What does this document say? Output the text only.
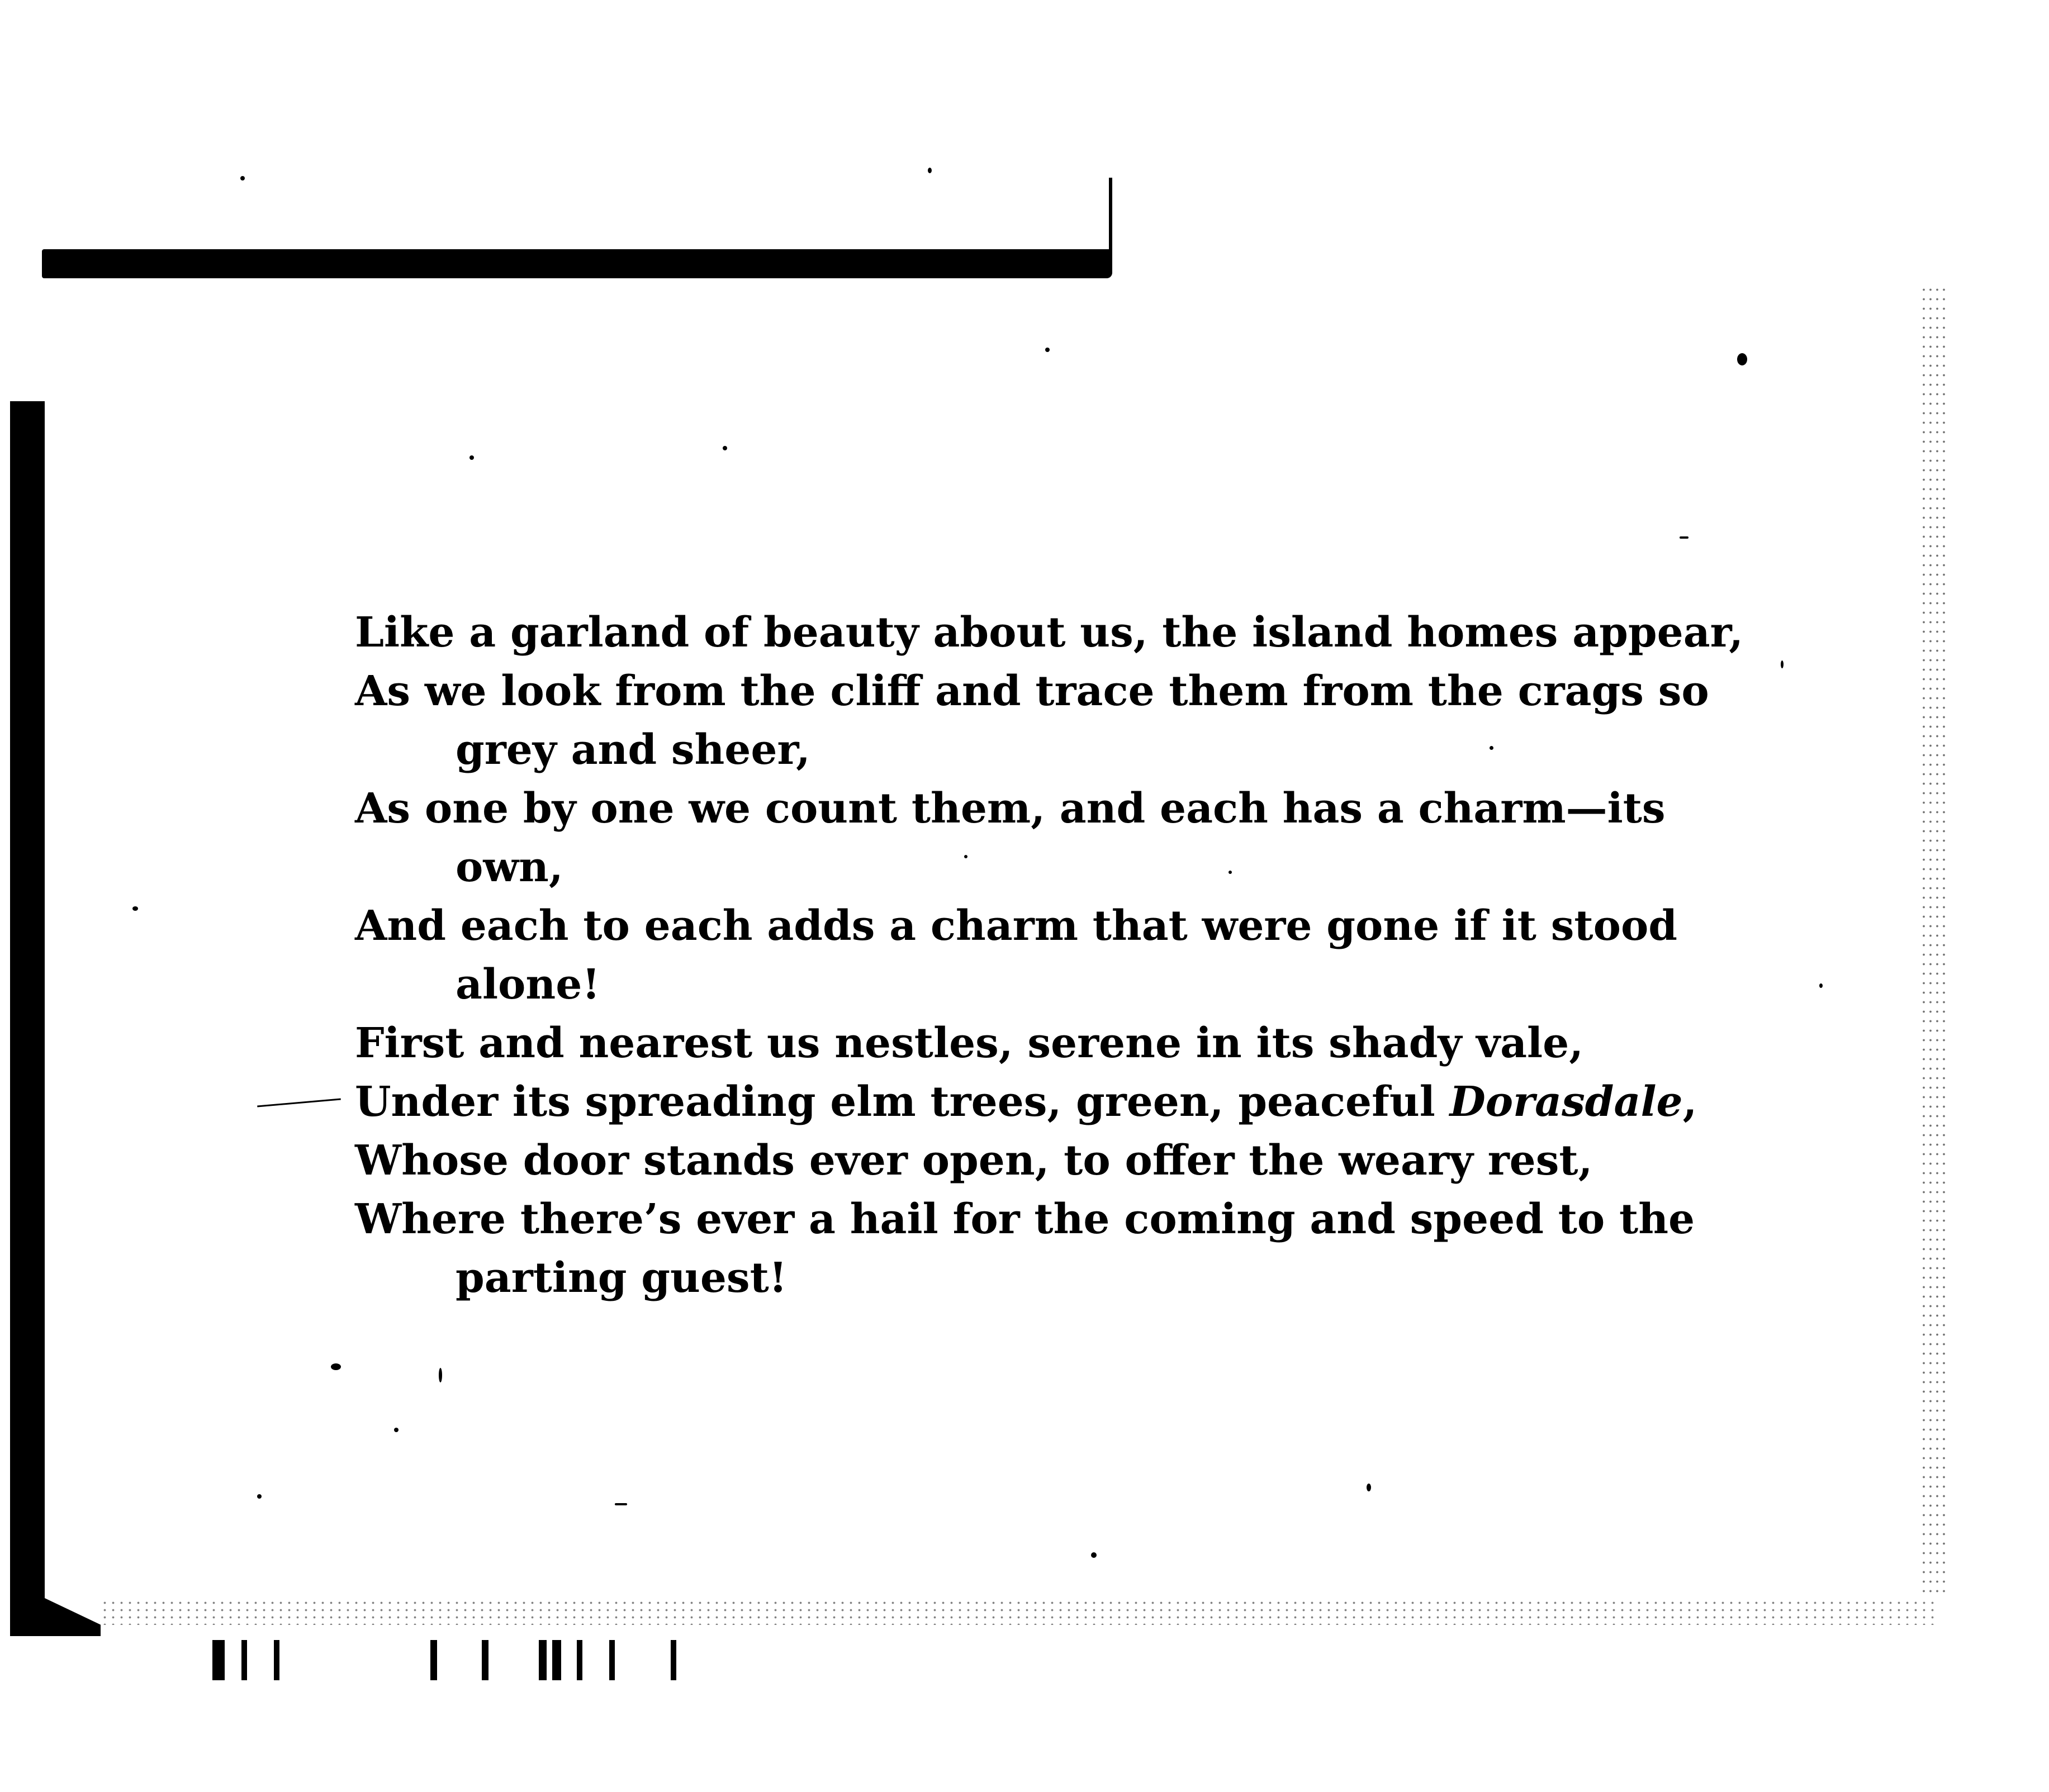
Like a garland of beauty about us, the island homes appear,
As we look from the cliff and trace them from the crags so
grey and sheer,
As one by one we count them, and each has a charm—its
own,
And each to each adds a charm that were gone if it stood
alone!
First and nearest us nestles, serene in its shady vale,
Under its spreading elm trees, green, peaceful Dorasdale,
Whose door stands ever open, to offer the weary rest,
Where there’s ever a hail for the coming and speed to the
parting guest!
